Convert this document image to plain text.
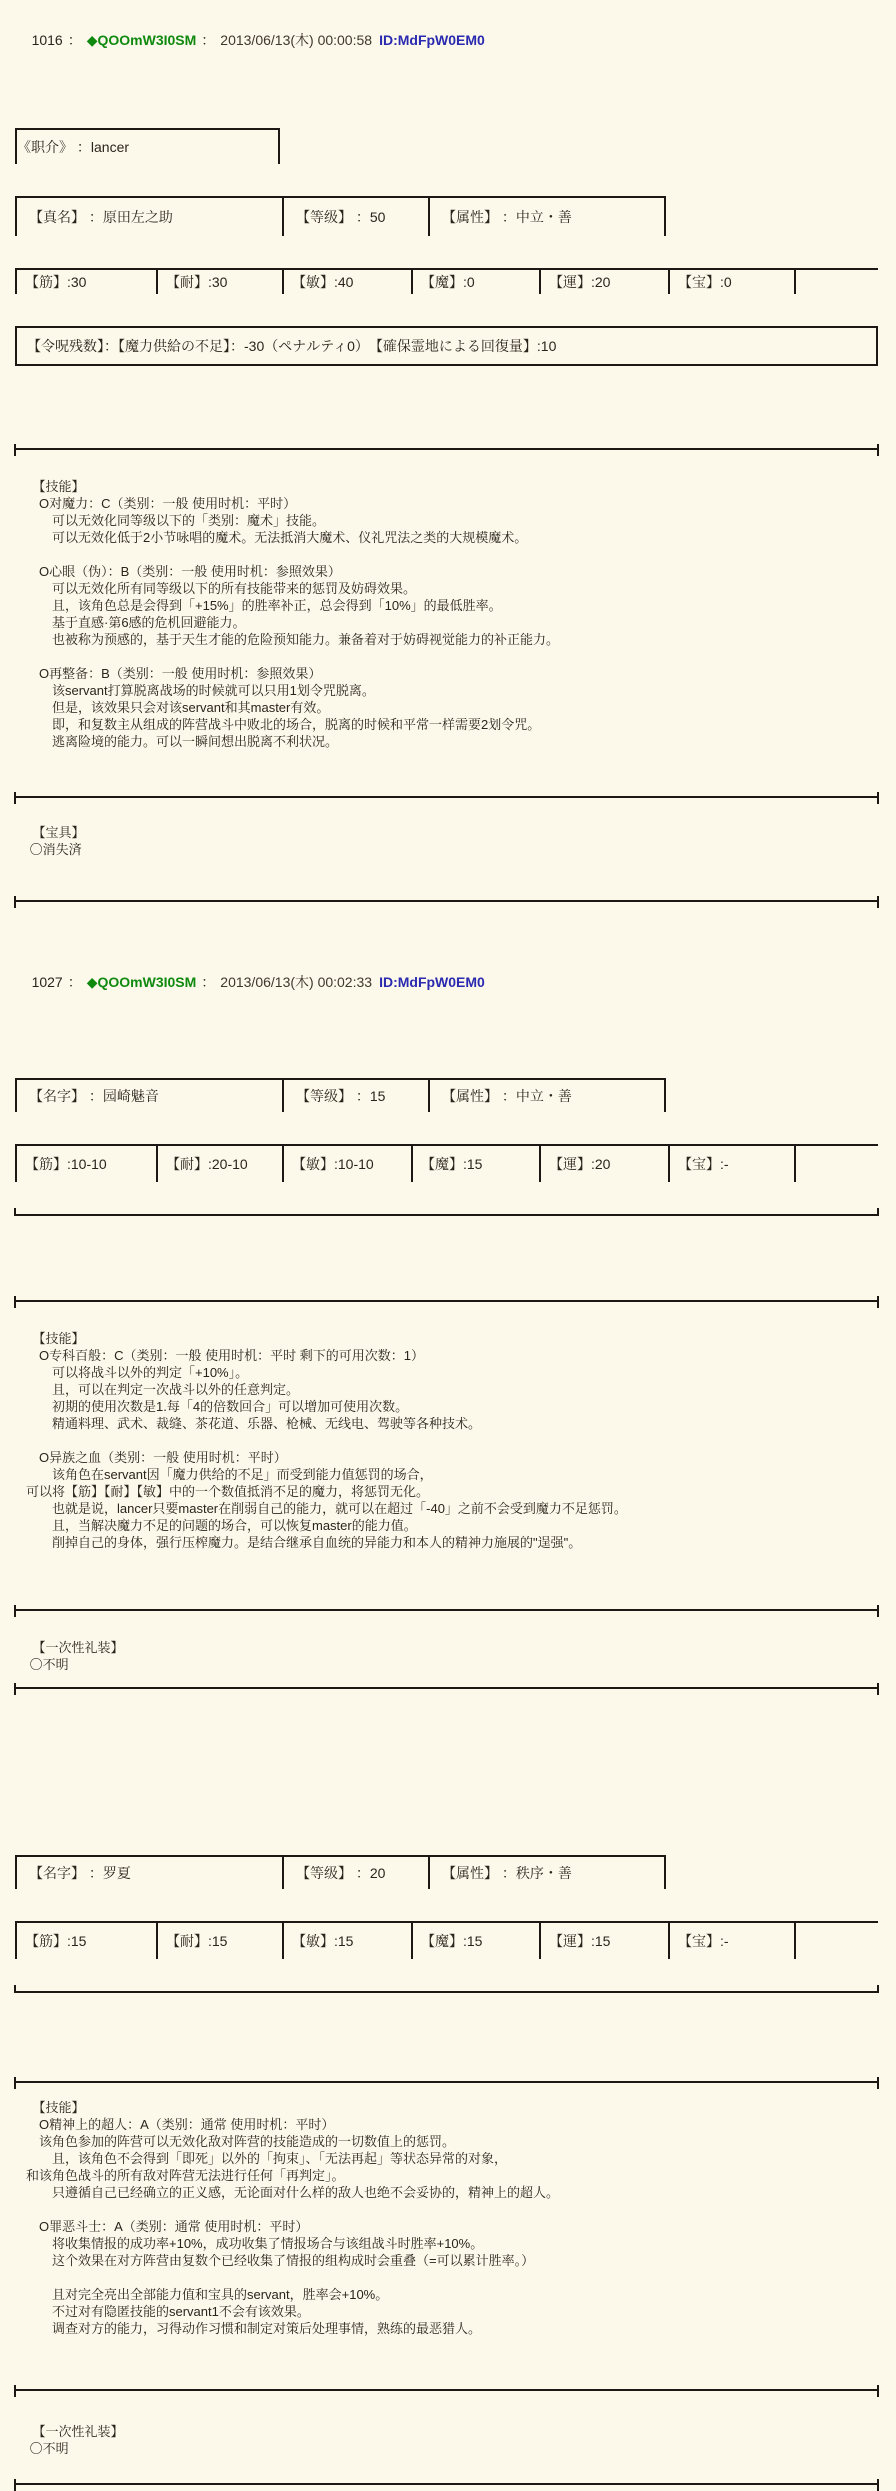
1016 ： ◆QOOmW3I0SM ： 2013/06/13(木) 00:00:58 ID:MdFpW0EM0

《职介》 ：lancer

【真名】 ：原田左之助	【等级】 ：50	【属性】 ：中立・善

【筋】:30	【耐】:30	【敏】:40	【魔】:0	【運】:20	【宝】:0

【令呪残数】：【魔力供給の不足】：-30（ペナルティ0）　【確保霊地による回復量】:10

　【技能】
　O对魔力：C（类别：一般 使用时机：平时）
　　可以无效化同等级以下的「类别：魔术」技能。
　　可以无效化低于2小节咏唱的魔术。无法抵消大魔术、仪礼咒法之类的大规模魔术。

　O心眼（伪）：B（类别：一般 使用时机：参照效果）
　　可以无效化所有同等级以下的所有技能带来的惩罚及妨碍效果。
　　且，该角色总是会得到「+15%」的胜率补正，总会得到「10%」的最低胜率。
　　基于直感·第6感的危机回避能力。
　　也被称为预感的，基于天生才能的危险预知能力。兼备着对于妨碍视觉能力的补正能力。

　O再整备：B（类别：一般 使用时机：参照效果）
　　该servant打算脱离战场的时候就可以只用1划令咒脱离。
　　但是，该效果只会对该servant和其master有效。
　　即，和复数主从组成的阵营战斗中败北的场合，脱离的时候和平常一样需要2划令咒。
　　逃离险境的能力。可以一瞬间想出脱离不利状况。
　【宝具】
〇消失済

1027 ： ◆QOOmW3I0SM ： 2013/06/13(木) 00:02:33 ID:MdFpW0EM0

【名字】 ：园崎魅音	【等级】 ：15	【属性】 ：中立・善

【筋】:10-10	【耐】:20-10	【敏】:10-10	【魔】:15	【運】:20	【宝】:-

　【技能】
　O专科百般：C（类别：一般 使用时机：平时 剩下的可用次数：1）
　　可以将战斗以外的判定「+10%」。
　　且，可以在判定一次战斗以外的任意判定。
　　初期的使用次数是1.每「4的倍数回合」可以增加可使用次数。
　　精通料理、武术、裁缝、茶花道、乐器、枪械、无线电、驾驶等各种技术。

　O异族之血（类别：一般 使用时机：平时）
　　该角色在servant因「魔力供给的不足」而受到能力值惩罚的场合，
可以将【筋】【耐】【敏】中的一个数值抵消不足的魔力，将惩罚无化。
　　也就是说，lancer只要master在削弱自己的能力，就可以在超过「-40」之前不会受到魔力不足惩罚。
　　且，当解决魔力不足的问题的场合，可以恢复master的能力值。
　　削掉自己的身体，强行压榨魔力。是结合继承自血统的异能力和本人的精神力施展的"逞强"。
　【一次性礼装】
〇不明

【名字】 ：罗夏	【等级】 ：20	【属性】 ：秩序・善

【筋】:15	【耐】:15	【敏】:15	【魔】:15	【運】:15	【宝】:-

　【技能】
　O精神上的超人：A（类别：通常 使用时机：平时）
　该角色参加的阵营可以无效化敌对阵营的技能造成的一切数值上的惩罚。
　　且，该角色不会得到「即死」以外的「拘束」、「无法再起」等状态异常的对象，
和该角色战斗的所有敌对阵营无法进行任何「再判定」。
　　只遵循自己已经确立的正义感，无论面对什么样的敌人也绝不会妥协的，精神上的超人。

　O罪恶斗士：A（类别：通常 使用时机：平时）
　　将收集情报的成功率+10%，成功收集了情报场合与该组战斗时胜率+10%。
　　这个效果在对方阵营由复数个已经收集了情报的组构成时会重叠（=可以累计胜率。）

　　且对完全亮出全部能力值和宝具的servant，胜率会+10%。
　　不过对有隐匿技能的servant1不会有该效果。
　　调查对方的能力，习得动作习惯和制定对策后处理事情，熟练的最恶猎人。
　【一次性礼装】
〇不明
